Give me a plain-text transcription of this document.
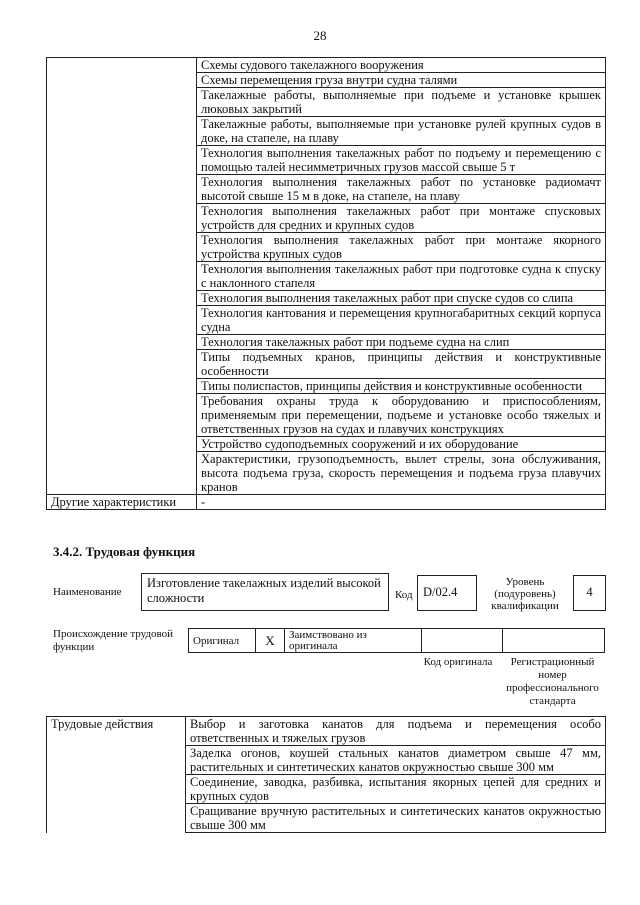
28
	Схемы судового такелажного вооружения
	Схемы перемещения груза внутри судна талями
	Такелажные работы, выполняемые при подъеме и установке крышек люковых закрытий
	Такелажные работы, выполняемые при установке рулей крупных судов в доке, на стапеле, на плаву
	Технология выполнения такелажных работ по подъему и перемещению с помощью талей несимметричных грузов массой свыше 5 т
	Технология выполнения такелажных работ по установке радиомачт высотой свыше 15 м в доке, на стапеле, на плаву
	Технология выполнения такелажных работ при монтаже спусковых устройств для средних и крупных судов
	Технология выполнения такелажных работ при монтаже якорного устройства крупных судов
	Технология выполнения такелажных работ при подготовке судна к спуску с наклонного стапеля
	Технология выполнения такелажных работ при спуске судов со слипа
	Технология кантования и перемещения крупногабаритных секций корпуса судна
	Технология такелажных работ при подъеме судна на слип
	Типы подъемных кранов, принципы действия и конструктивные особенности
	Типы полиспастов, принципы действия и конструктивные особенности
	Требования охраны труда к оборудованию и приспособлениям, применяемым при перемещении, подъеме и установке особо тяжелых и ответственных грузов на судах и плавучих конструкциях
	Устройство судоподъемных сооружений и их оборудование
	Характеристики, грузоподъемность, вылет стрелы, зона обслуживания, высота подъема груза, скорость перемещения и подъема груза плавучих кранов
Другие характеристики	-
3.4.2. Трудовая функция
Наименование
Изготовление такелажных изделий высокой сложности	Код D/02.4
Уровень (подуровень) квалификации
4
Происхождение трудовой функции
Оригинал	X	Заимствовано из оригинала		
Код оригинала	Регистрационный номер профессионального стандарта
Трудовые действия	Выбор и заготовка канатов для подъема и перемещения особо ответственных и тяжелых грузов
Заделка огонов, коушей стальных канатов диаметром свыше 47 мм, растительных и синтетических канатов окружностью свыше 300 мм
Соединение, заводка, разбивка, испытания якорных цепей для средних и крупных судов
Сращивание вручную растительных и синтетических канатов окружностью свыше 300 мм
